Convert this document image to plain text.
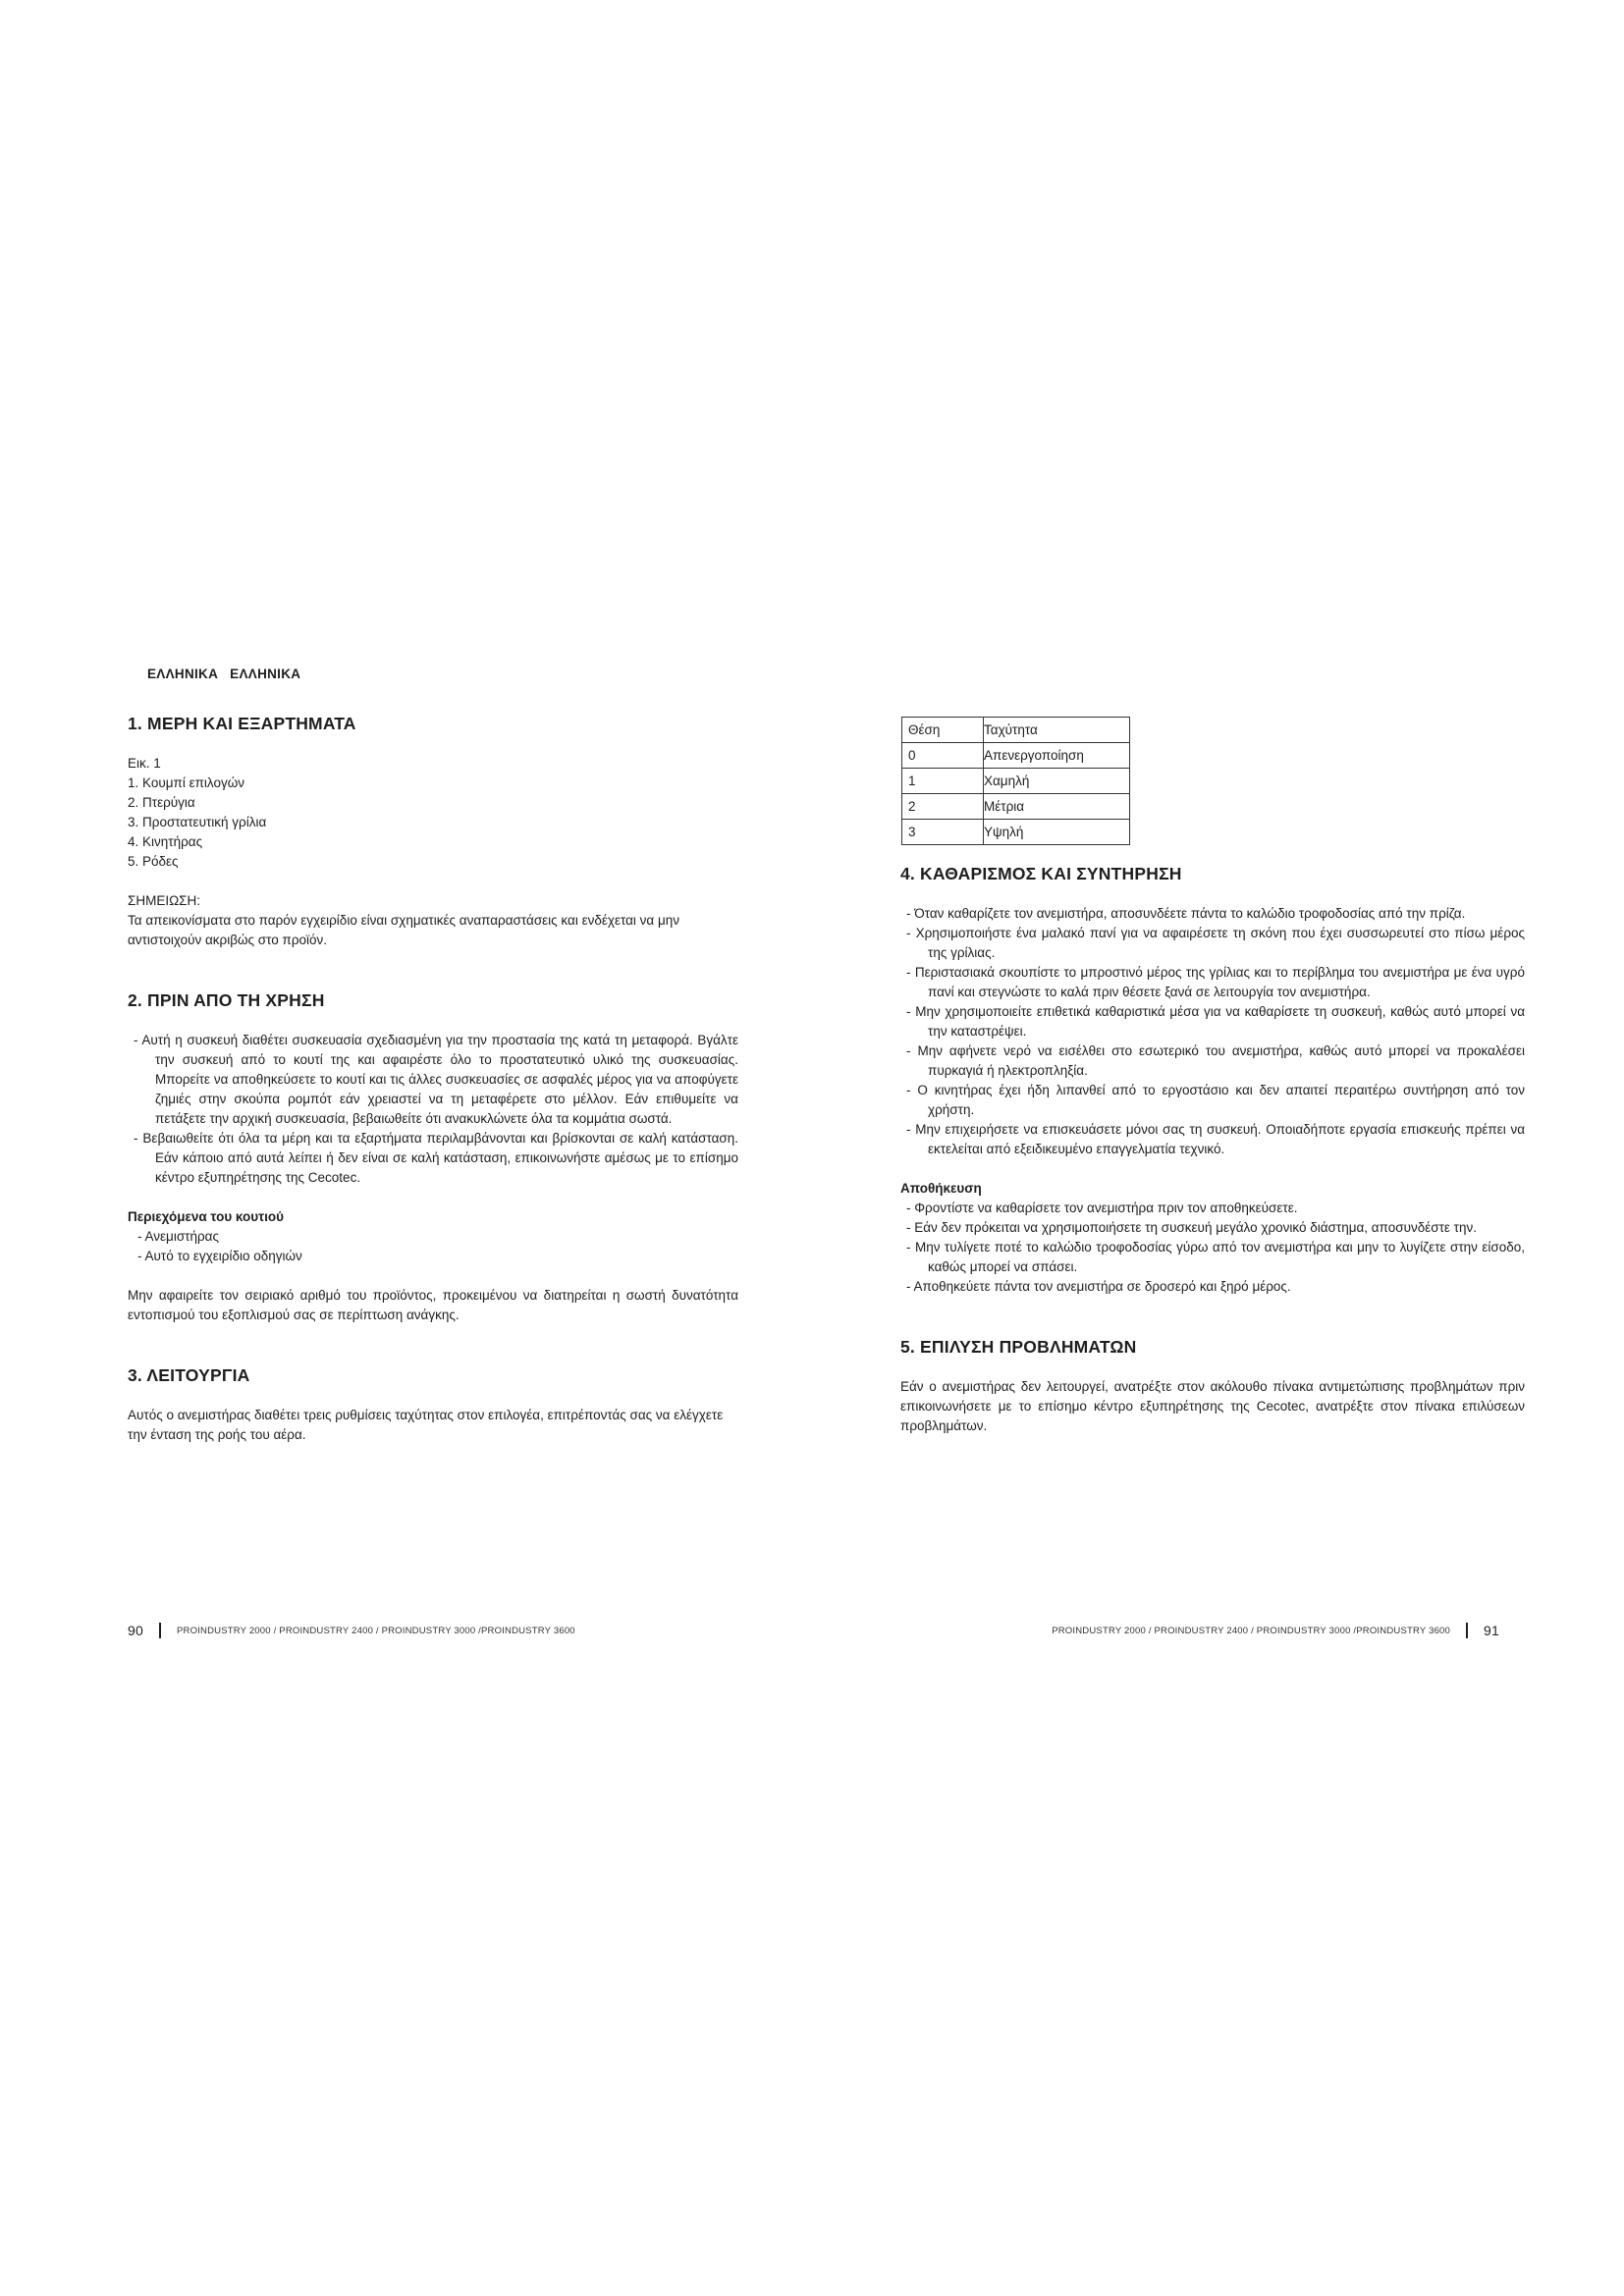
ΕΛΛΗΝΙΚΑ ΕΛΛΗΝΙΚΑ
1. ΜΕΡΗ ΚΑΙ ΕΞΑΡΤΗΜΑΤΑ

Εικ. 1

1. Κουμπί επιλογών
2. Πτερύγια
3. Προστατευτική γρίλια
4. Κινητήρας
5. Ρόδες

ΣΗΜΕΙΩΣΗ:

Τα απεικονίσματα στο παρόν εγχειρίδιο είναι σχηματικές αναπαραστάσεις και ενδέχεται να μην αντιστοιχούν ακριβώς στο προϊόν.

2. ΠΡΙΝ ΑΠΟ ΤΗ ΧΡΗΣΗ
- Αυτή η συσκευή διαθέτει συσκευασία σχεδιασμένη για την προστασία της κατά τη μεταφορά. Βγάλτε την συσκευή από το κουτί της και αφαιρέστε όλο το προστατευτικό υλικό της συσκευασίας. Μπορείτε να αποθηκεύσετε το κουτί και τις άλλες συσκευασίες σε ασφαλές μέρος για να αποφύγετε ζημιές στην σκούπα ρομπότ εάν χρειαστεί να τη μεταφέρετε στο μέλλον. Εάν επιθυμείτε να πετάξετε την αρχική συσκευασία, βεβαιωθείτε ότι ανακυκλώνετε όλα τα κομμάτια σωστά.
- Βεβαιωθείτε ότι όλα τα μέρη και τα εξαρτήματα περιλαμβάνονται και βρίσκονται σε καλή κατάσταση. Εάν κάποιο από αυτά λείπει ή δεν είναι σε καλή κατάσταση, επικοινωνήστε αμέσως με το επίσημο κέντρο εξυπηρέτησης της Cecotec.

Περιεχόμενα του κουτιού

- Ανεμιστήρας
- Αυτό το εγχειρίδιο οδηγιών

Μην αφαιρείτε τον σειριακό αριθμό του προϊόντος, προκειμένου να διατηρείται η σωστή δυνατότητα εντοπισμού του εξοπλισμού σας σε περίπτωση ανάγκης.

3. ΛΕΙΤΟΥΡΓΙΑ

Αυτός ο ανεμιστήρας διαθέτει τρεις ρυθμίσεις ταχύτητας στον επιλογέα, επιτρέποντάς σας να ελέγχετε την ένταση της ροής του αέρα.

90	PROINDUSTRY 2000 / PROINDUSTRY 2400 / PROINDUSTRY 3000 /PROINDUSTRY 3600
Θέση	Ταχύτητα
0	Απενεργοποίηση
1	Χαμηλή
2	Μέτρια
3	Υψηλή
4. ΚΑΘΑΡΙΣΜΟΣ ΚΑΙ ΣΥΝΤΗΡΗΣΗ
- Όταν καθαρίζετε τον ανεμιστήρα, αποσυνδέετε πάντα το καλώδιο τροφοδοσίας από την πρίζα.
- Χρησιμοποιήστε ένα μαλακό πανί για να αφαιρέσετε τη σκόνη που έχει συσσωρευτεί στο πίσω μέρος της γρίλιας.
- Περιστασιακά σκουπίστε το μπροστινό μέρος της γρίλιας και το περίβλημα του ανεμιστήρα με ένα υγρό πανί και στεγνώστε το καλά πριν θέσετε ξανά σε λειτουργία τον ανεμιστήρα.
- Μην χρησιμοποιείτε επιθετικά καθαριστικά μέσα για να καθαρίσετε τη συσκευή, καθώς αυτό μπορεί να την καταστρέψει.
- Μην αφήνετε νερό να εισέλθει στο εσωτερικό του ανεμιστήρα, καθώς αυτό μπορεί να προκαλέσει πυρκαγιά ή ηλεκτροπληξία.
- Ο κινητήρας έχει ήδη λιπανθεί από το εργοστάσιο και δεν απαιτεί περαιτέρω συντήρηση από τον χρήστη.
- Μην επιχειρήσετε να επισκευάσετε μόνοι σας τη συσκευή. Οποιαδήποτε εργασία επισκευής πρέπει να εκτελείται από εξειδικευμένο επαγγελματία τεχνικό.

Αποθήκευση

- Φροντίστε να καθαρίσετε τον ανεμιστήρα πριν τον αποθηκεύσετε.
- Εάν δεν πρόκειται να χρησιμοποιήσετε τη συσκευή μεγάλο χρονικό διάστημα, αποσυνδέστε την.
- Μην τυλίγετε ποτέ το καλώδιο τροφοδοσίας γύρω από τον ανεμιστήρα και μην το λυγίζετε στην είσοδο, καθώς μπορεί να σπάσει.
- Αποθηκεύετε πάντα τον ανεμιστήρα σε δροσερό και ξηρό μέρος.
5. ΕΠΙΛΥΣΗ ΠΡΟΒΛΗΜΑΤΩΝ

Εάν ο ανεμιστήρας δεν λειτουργεί, ανατρέξτε στον ακόλουθο πίνακα αντιμετώπισης προβλημάτων πριν επικοινωνήσετε με το επίσημο κέντρο εξυπηρέτησης της Cecotec, ανατρέξτε στον πίνακα επιλύσεων προβλημάτων.

PROINDUSTRY 2000 / PROINDUSTRY 2400 / PROINDUSTRY 3000 /PROINDUSTRY 3600 91
